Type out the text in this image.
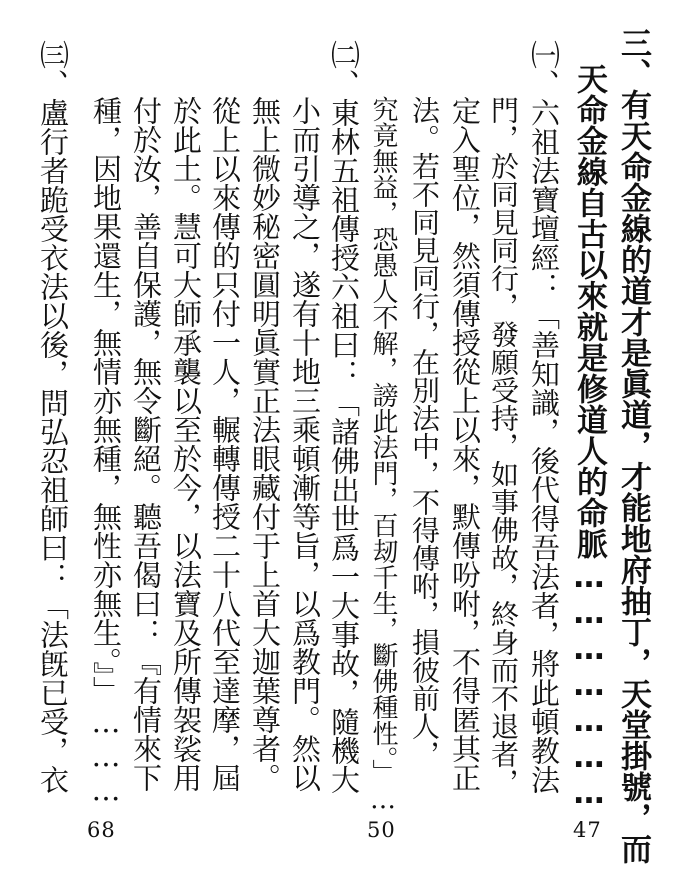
三、有天命金線的道才是眞道，才能地府抽丁，天堂掛號，而
天命金線自古以來就是修道人的命脈…………………
47
㈠、六祖法寶壇經：「善知識，後代得吾法者，將此頓教法
門，於同見同行，發願受持，如事佛故，終身而不退者，
定入聖位，然須傳授從上以來，默傳吩咐，不得匿其正
法。若不同見同行，在別法中，不得傳咐，損彼前人，
究竟無益，恐愚人不解，謗此法門，百刼千生，斷佛種性。」…
50
㈡、東林五祖傳授六祖曰：「諸佛出世爲一大事故，隨機大
小而引導之，遂有十地三乘頓漸等旨，以爲教門。然以
無上微妙秘密圓明眞實正法眼藏付于上首大迦葉尊者。
從上以來傳的只付一人，輾轉傳授二十八代至達摩，屆
於此土。慧可大師承襲以至於今，以法寶及所傳袈裟用
付於汝，善自保護，無令斷絕。聽吾偈曰：『有情來下
種，因地果還生，無情亦無種，無性亦無生。』」………
68
㈢、盧行者跪受衣法以後，問弘忍祖師曰：「法旣已受，衣
